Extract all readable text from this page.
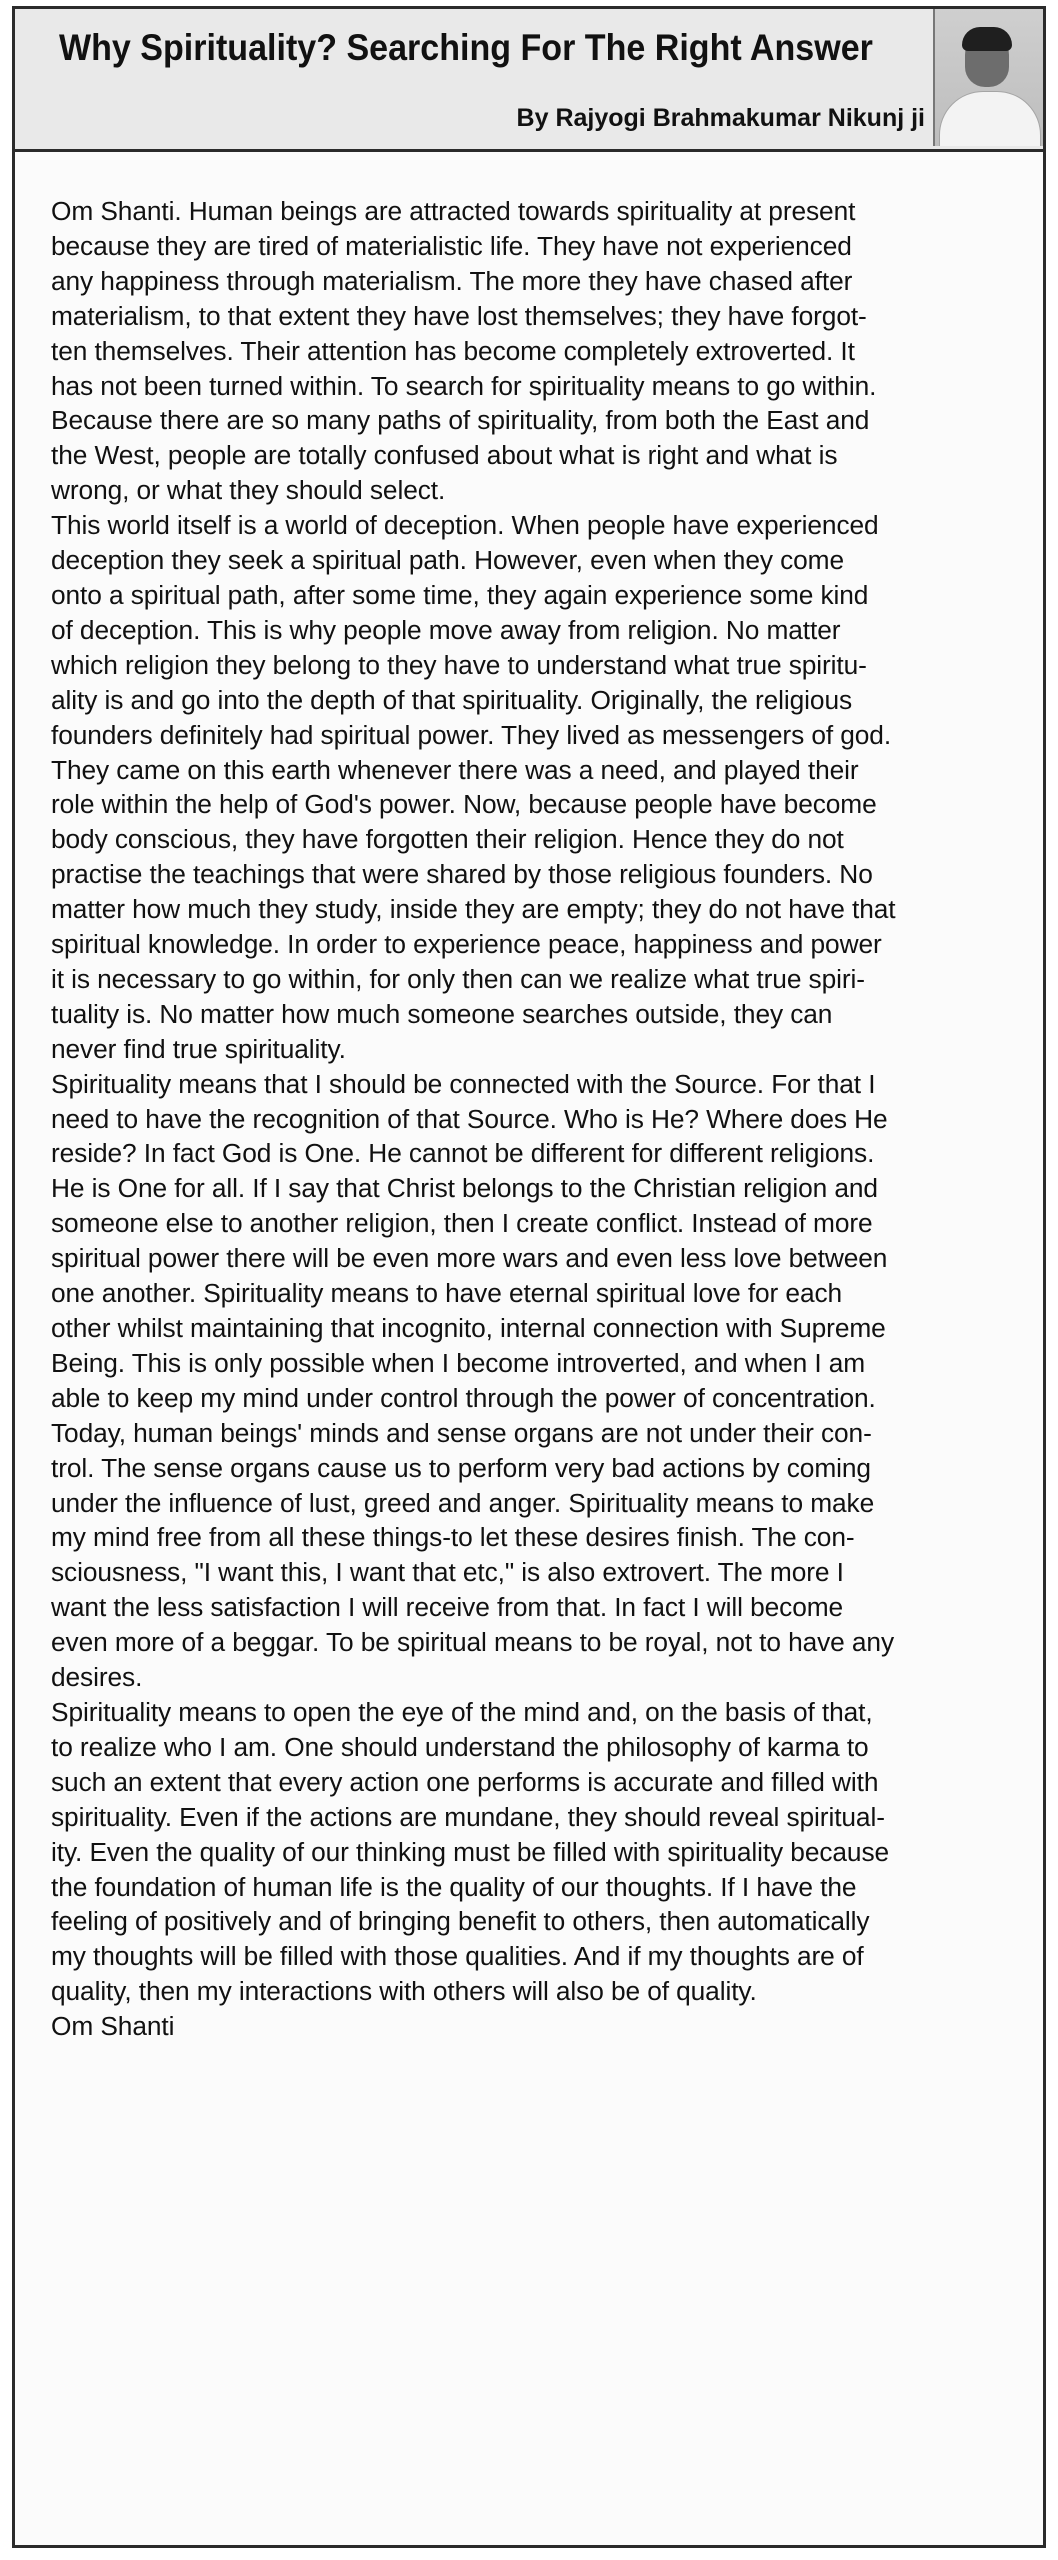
Why Spirituality? Searching For The Right Answer
By Rajyogi Brahmakumar Nikunj ji
Om Shanti. Human beings are attracted towards spirituality at present
because they are tired of materialistic life. They have not experienced
any happiness through materialism. The more they have chased after
materialism, to that extent they have lost themselves; they have forgot-
ten themselves. Their attention has become completely extroverted. It
has not been turned within. To search for spirituality means to go within.
Because there are so many paths of spirituality, from both the East and
the West, people are totally confused about what is right and what is
wrong, or what they should select.
This world itself is a world of deception. When people have experienced
deception they seek a spiritual path. However, even when they come
onto a spiritual path, after some time, they again experience some kind
of deception. This is why people move away from religion. No matter
which religion they belong to they have to understand what true spiritu-
ality is and go into the depth of that spirituality. Originally, the religious
founders definitely had spiritual power. They lived as messengers of god.
They came on this earth whenever there was a need, and played their
role within the help of God's power. Now, because people have become
body conscious, they have forgotten their religion. Hence they do not
practise the teachings that were shared by those religious founders. No
matter how much they study, inside they are empty; they do not have that
spiritual knowledge. In order to experience peace, happiness and power
it is necessary to go within, for only then can we realize what true spiri-
tuality is. No matter how much someone searches outside, they can
never find true spirituality.
Spirituality means that I should be connected with the Source. For that I
need to have the recognition of that Source. Who is He? Where does He
reside? In fact God is One. He cannot be different for different religions.
He is One for all. If I say that Christ belongs to the Christian religion and
someone else to another religion, then I create conflict. Instead of more
spiritual power there will be even more wars and even less love between
one another. Spirituality means to have eternal spiritual love for each
other whilst maintaining that incognito, internal connection with Supreme
Being. This is only possible when I become introverted, and when I am
able to keep my mind under control through the power of concentration.
Today, human beings' minds and sense organs are not under their con-
trol. The sense organs cause us to perform very bad actions by coming
under the influence of lust, greed and anger. Spirituality means to make
my mind free from all these things-to let these desires finish. The con-
sciousness, "I want this, I want that etc," is also extrovert. The more I
want the less satisfaction I will receive from that. In fact I will become
even more of a beggar. To be spiritual means to be royal, not to have any
desires.
Spirituality means to open the eye of the mind and, on the basis of that,
to realize who I am. One should understand the philosophy of karma to
such an extent that every action one performs is accurate and filled with
spirituality. Even if the actions are mundane, they should reveal spiritual-
ity. Even the quality of our thinking must be filled with spirituality because
the foundation of human life is the quality of our thoughts. If I have the
feeling of positively and of bringing benefit to others, then automatically
my thoughts will be filled with those qualities. And if my thoughts are of
quality, then my interactions with others will also be of quality.
Om Shanti
